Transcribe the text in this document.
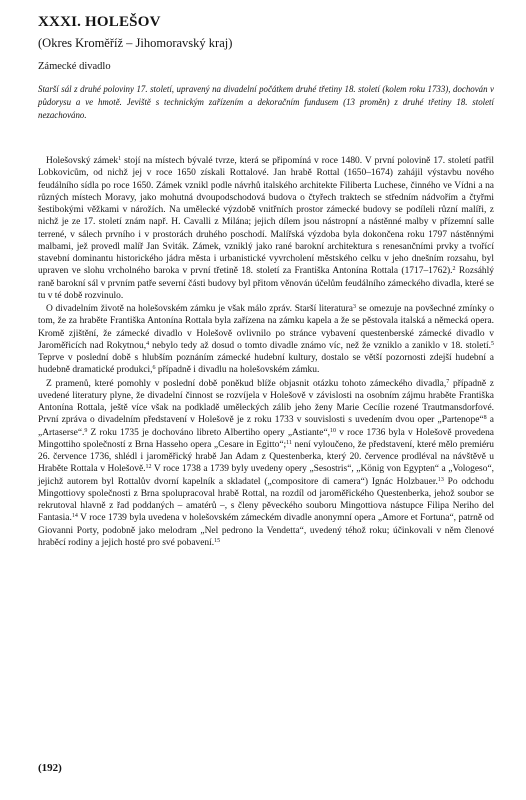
XXXI. HOLEŠOV

(Okres Kroměříž – Jihomoravský kraj)

Zámecké divadlo

Starší sál z druhé poloviny 17. století, upravený na divadelní počátkem druhé třetiny 18. století (kolem roku 1733), dochován v půdorysu a ve hmotě. Jevištĕ s technickým zařízením a dekoračním fundusem (13 proměn) z druhé třetiny 18. století nezachováno.

Holešovský zámek$^1$ stojí na místech bývalé tvrze, která se připomíná v roce 1480. V první polovině 17. století patřil Lobkovicům, od nichž jej v roce 1650 získali Rottalové. Jan hrabě Rottal (1650–1674) zahájil výstavbu nového feudálního sídla po roce 1650. Zámek vznikl podle návrhů italského architekte Filiberta Luchese, činného ve Vídni a na různých místech Moravy, jako mohutná dvoupodschodová budova o čtyřech traktech se středním nádvořím a čtyřmi šestibokými věžkami v nárožích. Na umělecké výzdobě vnitřních prostor zámecké budovy se podíleli různí malíři, z nichž je ze 17. století znám např. H. Cavalli z Milána; jejich dílem jsou nástropní a nástěnné malby v přízemní salle terrené, v sálech prvního i v prostorách druhého poschodí. Malířská výzdoba byla dokončena roku 1797 nástěnnými malbami, jež provedl malíř Jan Sviták. Zámek, vzniklý jako rané barokní architektura s renesančními prvky a tvořící stavební dominantu historického jádra města i urbanistické vyvrcholení městského celku v jeho dnešním rozsahu, byl upraven ve slohu vrcholného baroka v první třetině 18. století za Františka Antonína Rottala (1717–1762).$^2$ Rozsáhlý raně barokní sál v prvním patře severní části budovy byl přitom věnován účelům feudálního zámeckého divadla, které se tu v té době rozvinulo.

O divadelním životě na holešovském zámku je však málo zpráv. Starší literatura$^3$ se omezuje na povšechné zmínky o tom, že za hraběte Františka Antonína Rottala byla zařízena na zámku kapela a že se pěstovala italská a německá opera. Kromě zjištění, že zámecké divadlo v Holešově ovlivnilo po stránce vybavení questenberské zámecké divadlo v Jaroměřicích nad Rokytnou,$^4$ nebylo tedy až dosud o tomto divadle známo víc, než že vzniklo a zaniklo v 18. století.$^5$ Teprve v poslední době s hlubším poznáním zámecké hudební kultury, dostalo se větší pozornosti zdejší hudební a hudebně dramatické produkci,$^6$ případně i divadlu na holešovském zámku.

Z pramenů, které pomohly v poslední době poněkud blíže objasnit otázku tohoto zámeckého divadla,$^7$ případně z uvedené literatury plyne, že divadelní činnost se rozvíjela v Holešově v závislosti na osobním zájmu hraběte Františka Antonína Rottala, ještě více však na podkladě uměleckých zálib jeho ženy Marie Cecílie rozené Trautmansdorfové. První zpráva o divadelním představení v Holešově je z roku 1733 v souvislosti s uvedením dvou oper „Partenope“$^8$ a „Artaserse“.$^9$ Z roku 1735 je dochováno libreto Albertiho opery „Astiante“,$^{10}$ v roce 1736 byla v Holešově provedena Mingottiho společností z Brna Hasseho opera „Cesare in Egitto“;$^{11}$ není vyloučeno, že představení, které mělo premiéru 26. července 1736, shlédl i jaroměřický hrabě Jan Adam z Questenberka, který 20. července prodléval na návštěvě u Hraběte Rottala v Holešově.$^{12}$ V roce 1738 a 1739 byly uvedeny opery „Sesostris“, „König von Egypten“ a „Vologeso“, jejichž autorem byl Rottalův dvorní kapelník a skladatel („compositore di camera“) Ignác Holzbauer.$^{13}$ Po odchodu Mingottiovy společnosti z Brna spolupracoval hrabě Rottal, na rozdíl od jaroměřického Questenberka, jehož soubor se rekrutoval hlavně z řad poddaných – amatérů –, s členy pěveckého souboru Mingottiova nástupce Filipa Neriho del Fantasia.$^{14}$ V roce 1739 byla uvedena v holešovském zámeckém divadle anonymní opera „Amore et Fortuna“, patrně od Giovanni Porty, podobně jako melodram „Nel pedrono la Vendetta“, uvedený téhož roku; účinkovali v něm členové hraběcí rodiny a jejich hosté pro své pobavení.$^{15}$

(192)
